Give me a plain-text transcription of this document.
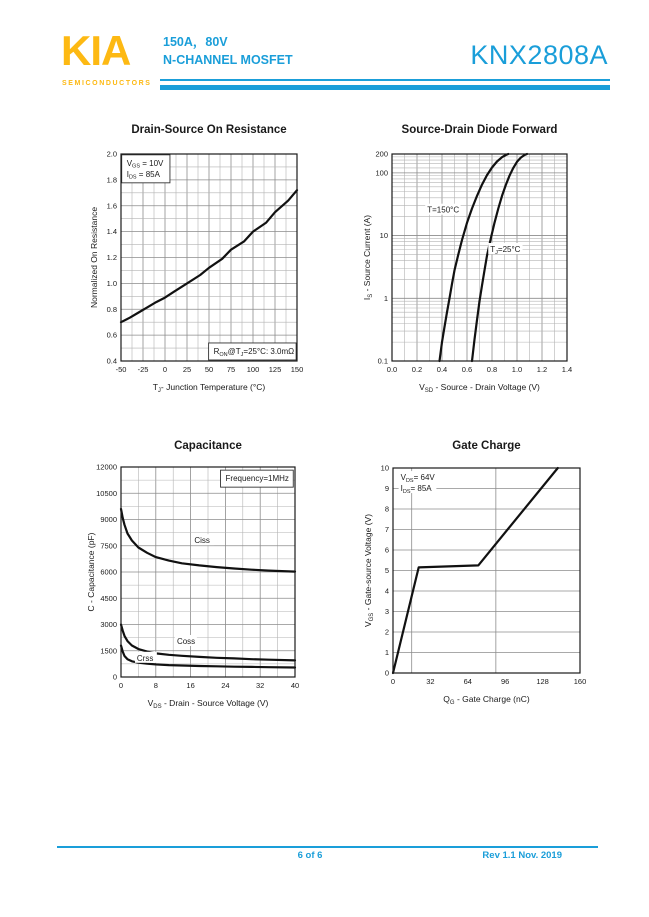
KIA
SEMICONDUCTORS
150A，80V
N-CHANNEL MOSFET	KNX2808A
Drain-Source On Resistance
$V_{GS} = 10V$
$I_{DS} = 85A$
$R_{ON}@T_J=25^\circ C$: 3.0mΩ
-50 -25 0 25 50 75 100 125 150
0.4
0.6
0.8
1.0
1.2
1.4
1.6
1.8
2.0
$T_J-$ Junction Temperature (°C)
Normalized On Resistance
Source-Drain Diode Forward
T=150°C
$T_J=25^\circ C$
0.0 0.2 0.4 0.6 0.8 1.0 1.2 1.4
0.1
1
10
100
200
$V_{SD}$ - Source - Drain Voltage (V)
$I_S$ - Source Current (A)
Capacitance
Frequency=1MHz
Ciss
Coss
Crss
0	8	16	24	32	40
0
1500
3000
4500
6000
7500
9000
10500
12000
$V_{DS}$ - Drain - Source Voltage (V)
C - Capacitance (pF)
Gate Charge
$V_{DS}= 64V$
$I_{DS}= 85A$
0	32	64	96	128	160
0
1
2
3
4
5
6
7
8
9
10
$Q_G$ - Gate Charge (nC)
$V_{GS}$ - Gate-source Voltage (V)
6 of 6	Rev 1.1 Nov. 2019
